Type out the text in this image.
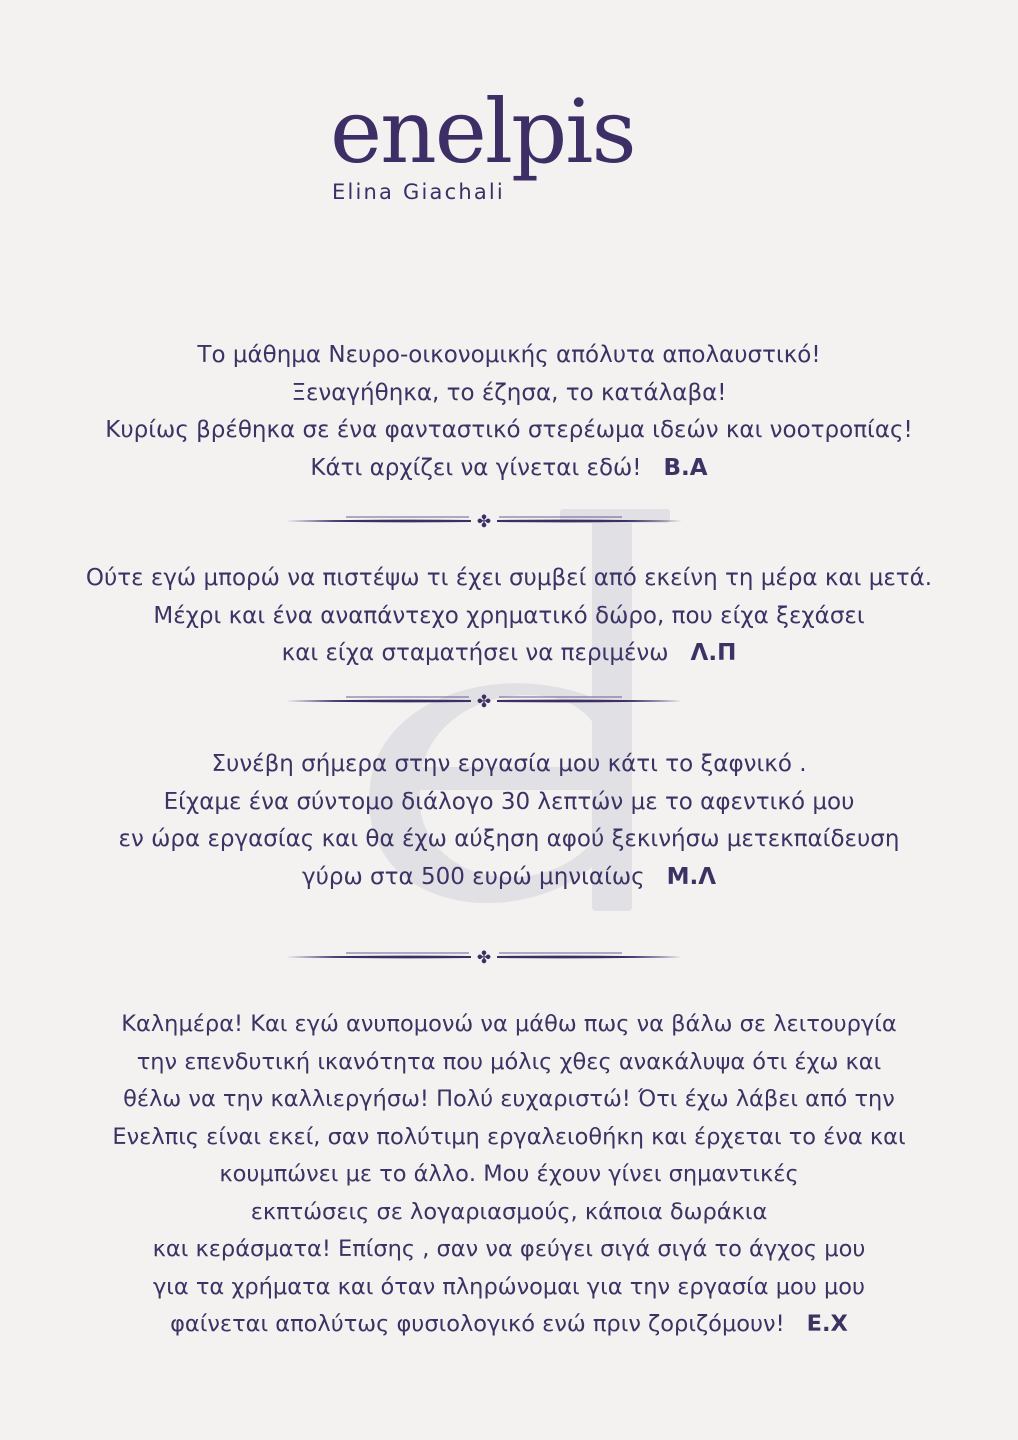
enelpis
Elina Giachali
Το μάθημα Νευρο-οικονομικής απόλυτα απολαυστικό!
Ξεναγήθηκα, το έζησα, το κατάλαβα!
Κυρίως βρέθηκα σε ένα φανταστικό στερέωμα ιδεών και νοοτροπίας!
Κάτι αρχίζει να γίνεται εδώ! Β.Α
✤
Ούτε εγώ μπορώ να πιστέψω τι έχει συμβεί από εκείνη τη μέρα και μετά.
Μέχρι και ένα αναπάντεχο χρηματικό δώρο, που είχα ξεχάσει
και είχα σταματήσει να περιμένω Λ.Π
✤
Συνέβη σήμερα στην εργασία μου κάτι το ξαφνικό .
Είχαμε ένα σύντομο διάλογο 30 λεπτών με το αφεντικό μου
εν ώρα εργασίας και θα έχω αύξηση αφού ξεκινήσω μετεκπαίδευση
γύρω στα 500 ευρώ μηνιαίως Μ.Λ
✤
Καλημέρα! Και εγώ ανυπομονώ να μάθω πως να βάλω σε λειτουργία
την επενδυτική ικανότητα που μόλις χθες ανακάλυψα ότι έχω και
θέλω να την καλλιεργήσω! Πολύ ευχαριστώ! Ότι έχω λάβει από την
Ενελπις είναι εκεί, σαν πολύτιμη εργαλειοθήκη και έρχεται το ένα και
κουμπώνει με το άλλο. Μου έχουν γίνει σημαντικές
εκπτώσεις σε λογαριασμούς, κάποια δωράκια
και κεράσματα! Επίσης , σαν να φεύγει σιγά σιγά το άγχος μου
για τα χρήματα και όταν πληρώνομαι για την εργασία μου μου
φαίνεται απολύτως φυσιολογικό ενώ πριν ζοριζόμουν! Ε.Χ
